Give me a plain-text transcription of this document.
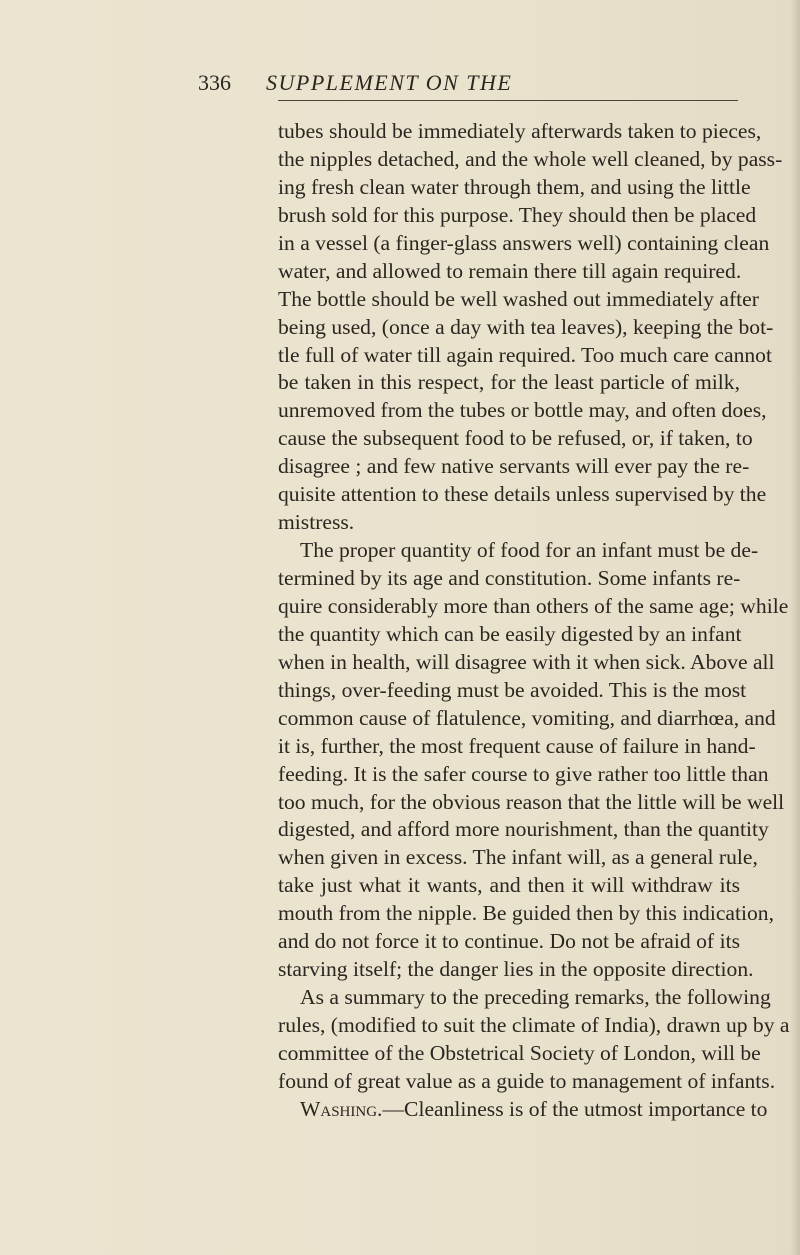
336	SUPPLEMENT ON THE
tubes should be immediately afterwards taken to pieces,
the nipples detached, and the whole well cleaned, by pass-
ing fresh clean water through them, and using the little
brush sold for this purpose. They should then be placed
in a vessel (a finger-glass answers well) containing clean
water, and allowed to remain there till again required.
The bottle should be well washed out immediately after
being used, (once a day with tea leaves), keeping the bot-
tle full of water till again required. Too much care cannot
be taken in this respect, for the least particle of milk,
unremoved from the tubes or bottle may, and often does,
cause the subsequent food to be refused, or, if taken, to
disagree ; and few native servants will ever pay the re-
quisite attention to these details unless supervised by the
mistress.
The proper quantity of food for an infant must be de-
termined by its age and constitution. Some infants re-
quire considerably more than others of the same age; while
the quantity which can be easily digested by an infant
when in health, will disagree with it when sick. Above all
things, over-feeding must be avoided. This is the most
common cause of flatulence, vomiting, and diarrhœa, and
it is, further, the most frequent cause of failure in hand-
feeding. It is the safer course to give rather too little than
too much, for the obvious reason that the little will be well
digested, and afford more nourishment, than the quantity
when given in excess. The infant will, as a general rule,
take just what it wants, and then it will withdraw its
mouth from the nipple. Be guided then by this indication,
and do not force it to continue. Do not be afraid of its
starving itself; the danger lies in the opposite direction.
As a summary to the preceding remarks, the following
rules, (modified to suit the climate of India), drawn up by a
committee of the Obstetrical Society of London, will be
found of great value as a guide to management of infants.
Washing.—Cleanliness is of the utmost importance to
